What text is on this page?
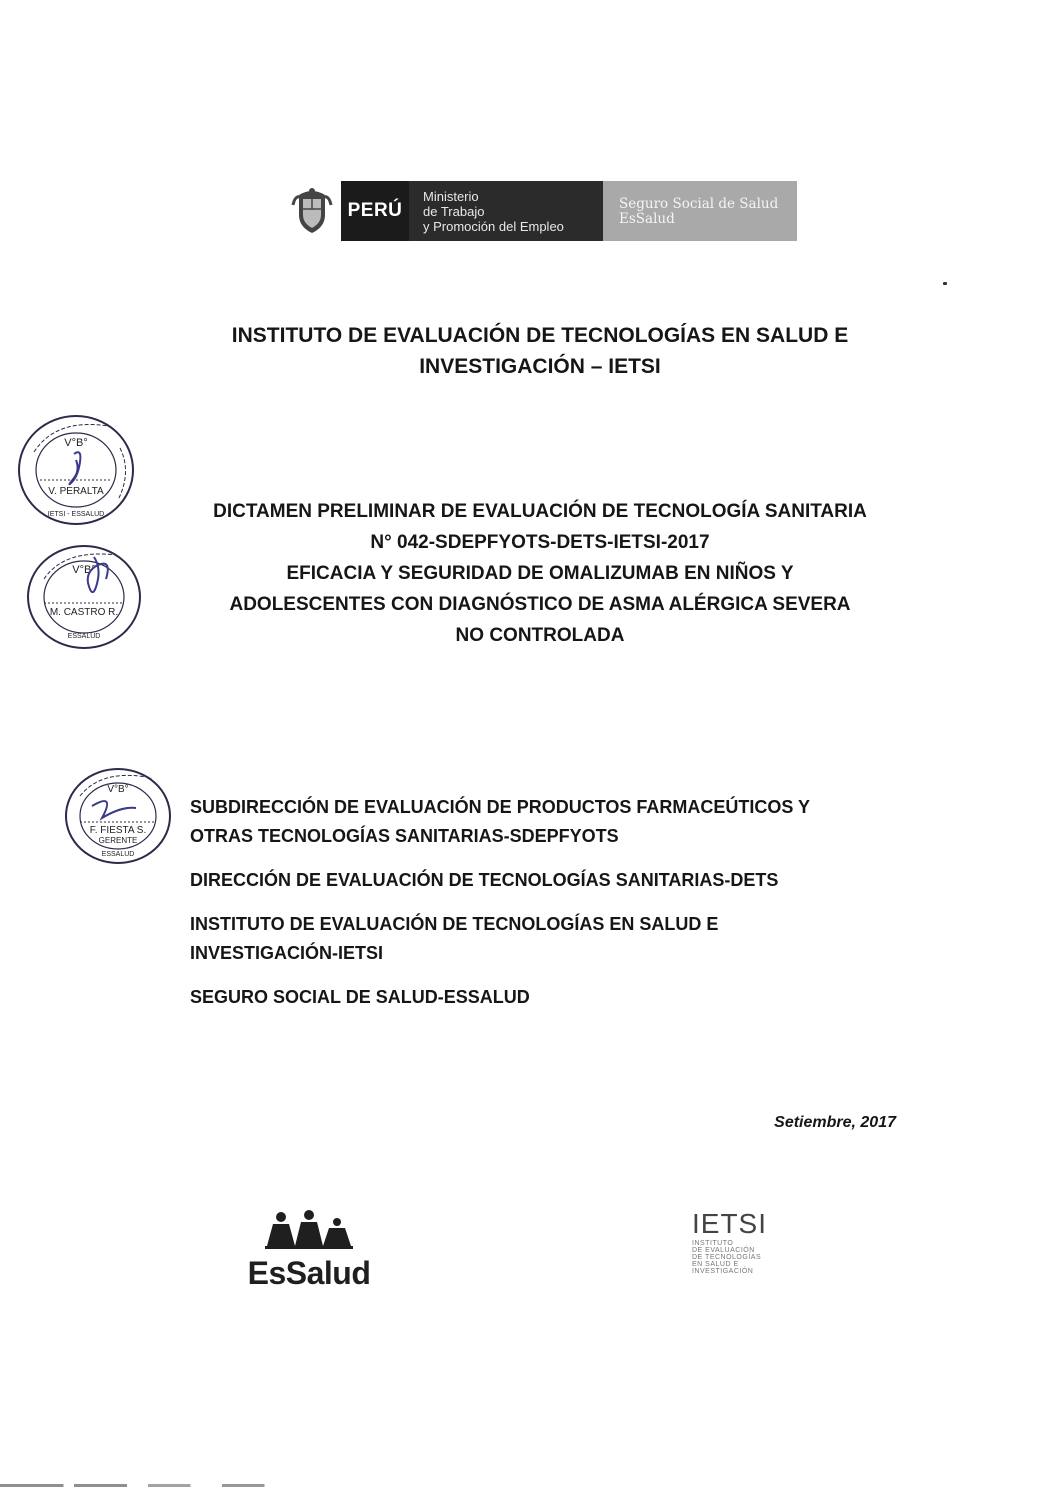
PERÚ
Ministerio
de Trabajo
y Promoción del Empleo
Seguro Social de Salud
EsSalud
INSTITUTO DE EVALUACIÓN DE TECNOLOGÍAS EN SALUD E
INVESTIGACIÓN – IETSI
V°B°
V. PERALTA
IETSI - ESSALUD
V°B°
M. CASTRO R.
ESSALUD
DICTAMEN PRELIMINAR DE EVALUACIÓN DE TECNOLOGÍA SANITARIA
N° 042-SDEPFYOTS-DETS-IETSI-2017
EFICACIA Y SEGURIDAD DE OMALIZUMAB EN NIÑOS Y
ADOLESCENTES CON DIAGNÓSTICO DE ASMA ALÉRGICA SEVERA
NO CONTROLADA
V°B°
F. FIESTA S.
GERENTE
ESSALUD
SUBDIRECCIÓN DE EVALUACIÓN DE PRODUCTOS FARMACEÚTICOS Y
OTRAS TECNOLOGÍAS SANITARIAS-SDEPFYOTS
DIRECCIÓN DE EVALUACIÓN DE TECNOLOGÍAS SANITARIAS-DETS
INSTITUTO DE EVALUACIÓN DE TECNOLOGÍAS EN SALUD E
INVESTIGACIÓN-IETSI
SEGURO SOCIAL DE SALUD-ESSALUD
Setiembre, 2017
EsSalud
IETSI
INSTITUTO
DE EVALUACIÓN
DE TECNOLOGÍAS
EN SALUD E
INVESTIGACIÓN
